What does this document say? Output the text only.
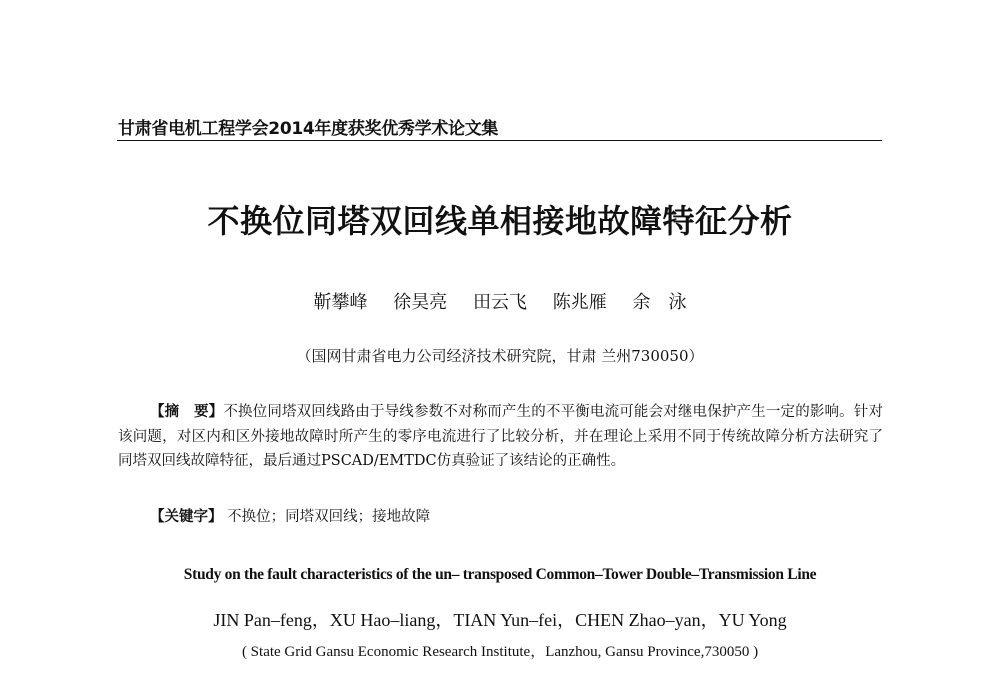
甘肃省电机工程学会2014年度获奖优秀学术论文集
不换位同塔双回线单相接地故障特征分析
靳攀峰 徐昊亮 田云飞 陈兆雁 余　泳
（国网甘肃省电力公司经济技术研究院，甘肃 兰州730050）

【摘　要】不换位同塔双回线路由于导线参数不对称而产生的不平衡电流可能会对继电保护产生一定的影响。针对该问题，对区内和区外接地故障时所产生的零序电流进行了比较分析，并在理论上采用不同于传统故障分析方法研究了同塔双回线故障特征，最后通过PSCAD/EMTDC仿真验证了该结论的正确性。

【关键字】 不换位；同塔双回线；接地故障
Study on the fault characteristics of the un– transposed Common–Tower Double–Transmission Line
JIN Pan–feng，XU Hao–liang，TIAN Yun–fei，CHEN Zhao–yan，YU Yong
( State Grid Gansu Economic Research Institute，Lanzhou, Gansu Province,730050 )
